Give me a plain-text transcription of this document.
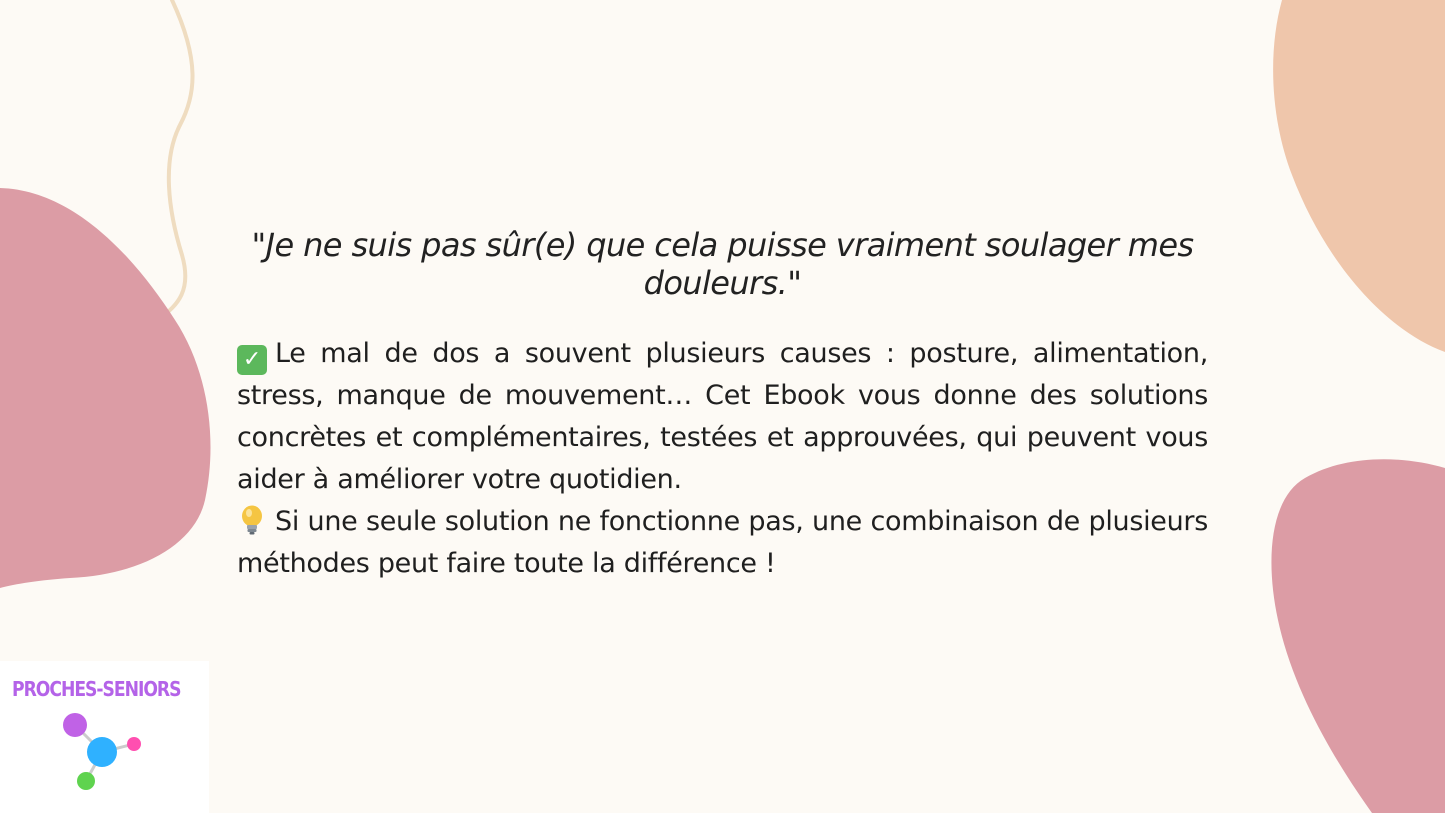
"Je ne suis pas sûr(e) que cela puisse vraiment soulager mes douleurs."

✓ Le mal de dos a souvent plusieurs causes : posture, alimentation, stress, manque de mouvement… Cet Ebook vous donne des solutions concrètes et complémentaires, testées et approuvées, qui peuvent vous aider à améliorer votre quotidien.

Si une seule solution ne fonctionne pas, une combinaison de plusieurs méthodes peut faire toute la différence !

PROCHES-SENIORS
